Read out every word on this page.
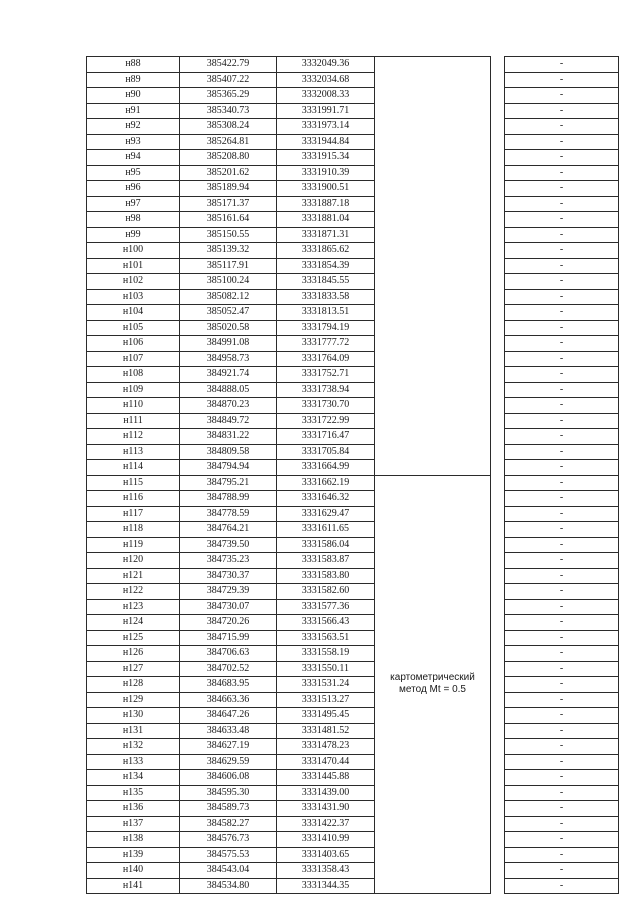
н88	385422.79	3332049.36			-
н89	385407.22	3332034.68			-
н90	385365.29	3332008.33			-
н91	385340.73	3331991.71			-
н92	385308.24	3331973.14			-
н93	385264.81	3331944.84			-
н94	385208.80	3331915.34			-
н95	385201.62	3331910.39			-
н96	385189.94	3331900.51			-
н97	385171.37	3331887.18			-
н98	385161.64	3331881.04			-
н99	385150.55	3331871.31			-
н100	385139.32	3331865.62			-
н101	385117.91	3331854.39			-
н102	385100.24	3331845.55			-
н103	385082.12	3331833.58			-
н104	385052.47	3331813.51			-
н105	385020.58	3331794.19			-
н106	384991.08	3331777.72			-
н107	384958.73	3331764.09			-
н108	384921.74	3331752.71			-
н109	384888.05	3331738.94			-
н110	384870.23	3331730.70			-
н111	384849.72	3331722.99			-
н112	384831.22	3331716.47			-
н113	384809.58	3331705.84			-
н114	384794.94	3331664.99			-
н115	384795.21	3331662.19	картометрический метод Mt = 0.5		-
н116	384788.99	3331646.32			-
н117	384778.59	3331629.47			-
н118	384764.21	3331611.65			-
н119	384739.50	3331586.04			-
н120	384735.23	3331583.87			-
н121	384730.37	3331583.80			-
н122	384729.39	3331582.60			-
н123	384730.07	3331577.36			-
н124	384720.26	3331566.43			-
н125	384715.99	3331563.51			-
н126	384706.63	3331558.19			-
н127	384702.52	3331550.11			-
н128	384683.95	3331531.24			-
н129	384663.36	3331513.27			-
н130	384647.26	3331495.45			-
н131	384633.48	3331481.52			-
н132	384627.19	3331478.23			-
н133	384629.59	3331470.44			-
н134	384606.08	3331445.88			-
н135	384595.30	3331439.00			-
н136	384589.73	3331431.90			-
н137	384582.27	3331422.37			-
н138	384576.73	3331410.99			-
н139	384575.53	3331403.65			-
н140	384543.04	3331358.43			-
н141	384534.80	3331344.35			-
